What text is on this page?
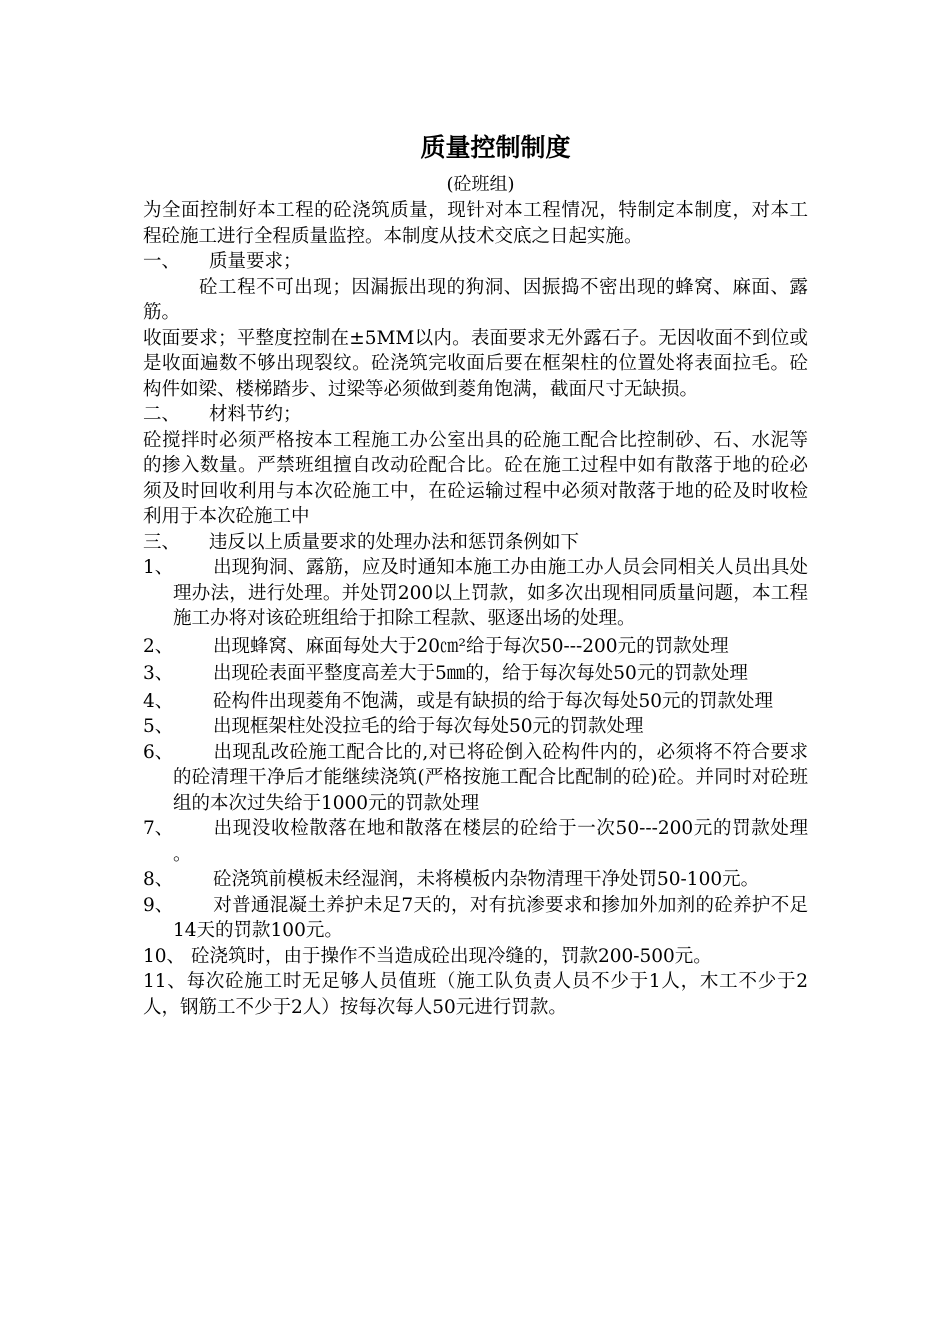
质量控制制度
(砼班组)

为全面控制好本工程的砼浇筑质量，现针对本工程情况，特制定本制度，对本工程砼施工进行全程质量监控。本制度从技术交底之日起实施。

一、	质量要求；

砼工程不可出现；因漏振出现的狗洞、因振捣不密出现的蜂窝、麻面、露筋。

收面要求；平整度控制在±5MM以内。表面要求无外露石子。无因收面不到位或是收面遍数不够出现裂纹。砼浇筑完收面后要在框架柱的位置处将表面拉毛。砼构件如梁、楼梯踏步、过梁等必须做到菱角饱满，截面尺寸无缺损。

二、	材料节约；

砼搅拌时必须严格按本工程施工办公室出具的砼施工配合比控制砂、石、水泥等的掺入数量。严禁班组擅自改动砼配合比。砼在施工过程中如有散落于地的砼必须及时回收利用与本次砼施工中，在砼运输过程中必须对散落于地的砼及时收检利用于本次砼施工中

三、	违反以上质量要求的处理办法和惩罚条例如下

1、	出现狗洞、露筋，应及时通知本施工办由施工办人员会同相关人员出具处理办法，进行处理。并处罚200以上罚款，如多次出现相同质量问题，本工程施工办将对该砼班组给于扣除工程款、驱逐出场的处理。
2、	出现蜂窝、麻面每处大于20㎝²给于每次50---200元的罚款处理
3、	出现砼表面平整度高差大于5㎜的，给于每次每处50元的罚款处理
4、	砼构件出现菱角不饱满，或是有缺损的给于每次每处50元的罚款处理
5、	出现框架柱处没拉毛的给于每次每处50元的罚款处理
6、	出现乱改砼施工配合比的,对已将砼倒入砼构件内的，必须将不符合要求的砼清理干净后才能继续浇筑(严格按施工配合比配制的砼)砼。并同时对砼班组的本次过失给于1000元的罚款处理
7、	出现没收检散落在地和散落在楼层的砼给于一次50---200元的罚款处理 。
8、	砼浇筑前模板未经湿润，未将模板内杂物清理干净处罚50-100元。
9、	对普通混凝土养护未足7天的，对有抗渗要求和掺加外加剂的砼养护不足14天的罚款100元。

10、 砼浇筑时，由于操作不当造成砼出现冷缝的，罚款200-500元。

11、每次砼施工时无足够人员值班（施工队负责人员不少于1人，木工不少于2人，钢筋工不少于2人）按每次每人50元进行罚款。
